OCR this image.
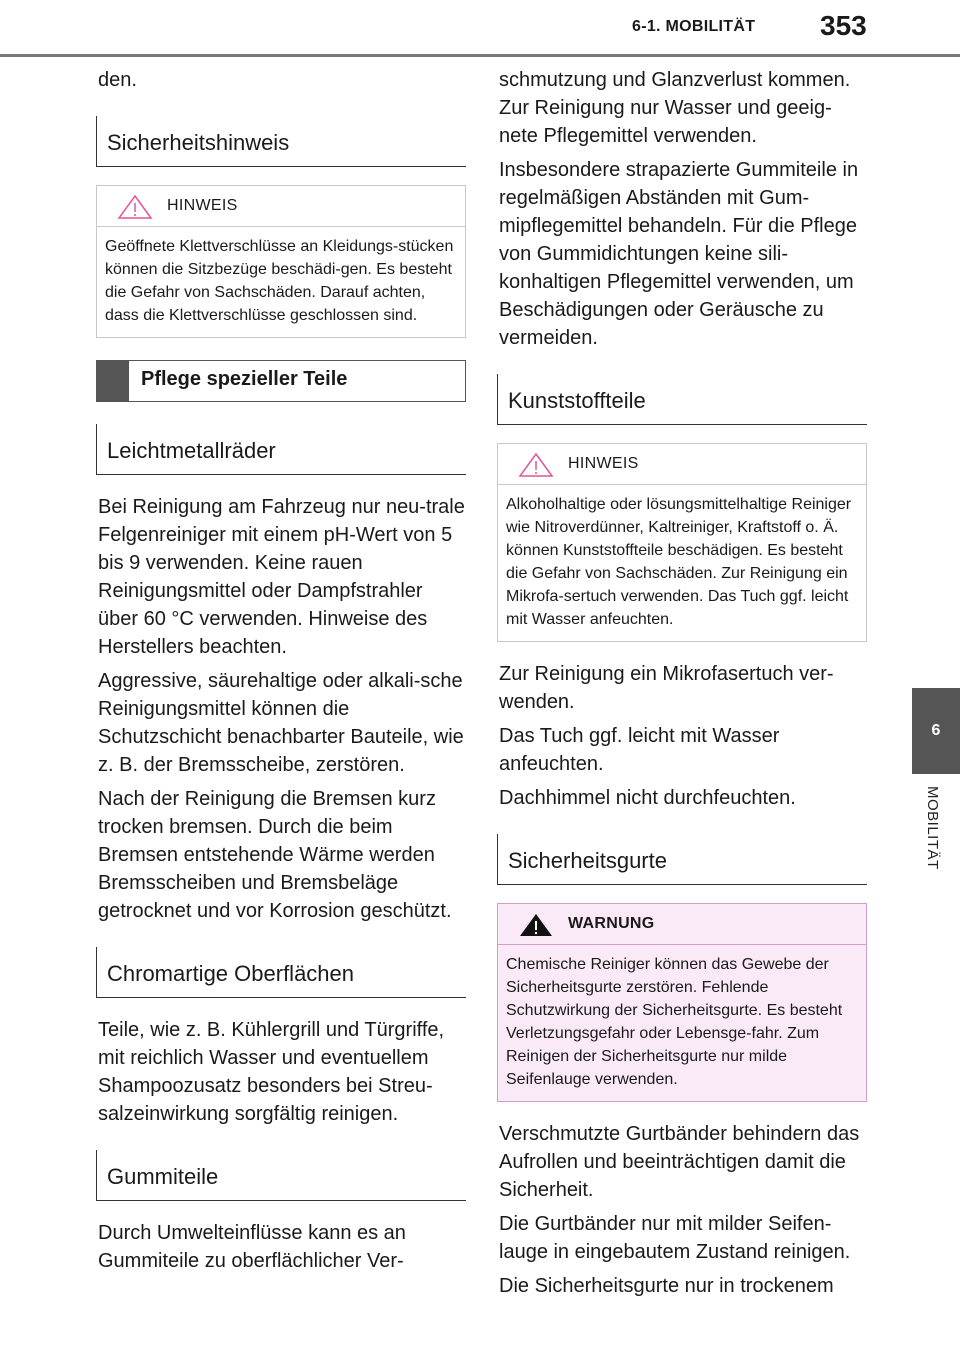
6-1. MOBILITÄT 353
6
MOBILITÄT

den.

Sicherheitshinweis
HINWEIS
Geöffnete Klettverschlüsse an Kleidungs-stücken können die Sitzbezüge beschädi-gen. Es besteht die Gefahr von Sachschäden. Darauf achten, dass die Klettverschlüsse geschlossen sind.
Pflege spezieller Teile
Leichtmetallräder

Bei Reinigung am Fahrzeug nur neu-trale Felgenreiniger mit einem pH-Wert von 5 bis 9 verwenden. Keine rauen Reinigungsmittel oder Dampfstrahler über 60 °C verwenden. Hinweise des Herstellers beachten.

Aggressive, säurehaltige oder alkali-sche Reinigungsmittel können die Schutzschicht benachbarter Bauteile, wie z. B. der Bremsscheibe, zerstören.

Nach der Reinigung die Bremsen kurz trocken bremsen. Durch die beim Bremsen entstehende Wärme werden Bremsscheiben und Bremsbeläge getrocknet und vor Korrosion geschützt.

Chromartige Oberflächen

Teile, wie z. B. Kühlergrill und Türgriffe, mit reichlich Wasser und eventuellem Shampoozusatz besonders bei Streu-salzeinwirkung sorgfältig reinigen.

Gummiteile

Durch Umwelteinflüsse kann es an Gummiteile zu oberflächlicher Ver-

schmutzung und Glanzverlust kommen. Zur Reinigung nur Wasser und geeig-nete Pflegemittel verwenden.

Insbesondere strapazierte Gummiteile in regelmäßigen Abständen mit Gum-mipflegemittel behandeln. Für die Pflege von Gummidichtungen keine sili-konhaltigen Pflegemittel verwenden, um Beschädigungen oder Geräusche zu vermeiden.

Kunststoffteile
HINWEIS
Alkoholhaltige oder lösungsmittelhaltige Reiniger wie Nitroverdünner, Kaltreiniger, Kraftstoff o. Ä. können Kunststoffteile beschädigen. Es besteht die Gefahr von Sachschäden. Zur Reinigung ein Mikrofa-sertuch verwenden. Das Tuch ggf. leicht mit Wasser anfeuchten.

Zur Reinigung ein Mikrofasertuch ver-wenden.

Das Tuch ggf. leicht mit Wasser anfeuchten.

Dachhimmel nicht durchfeuchten.

Sicherheitsgurte
WARNUNG
Chemische Reiniger können das Gewebe der Sicherheitsgurte zerstören. Fehlende Schutzwirkung der Sicherheitsgurte. Es besteht Verletzungsgefahr oder Lebensge-fahr. Zum Reinigen der Sicherheitsgurte nur milde Seifenlauge verwenden.

Verschmutzte Gurtbänder behindern das Aufrollen und beeinträchtigen damit die Sicherheit.

Die Gurtbänder nur mit milder Seifen-lauge in eingebautem Zustand reinigen.

Die Sicherheitsgurte nur in trockenem
